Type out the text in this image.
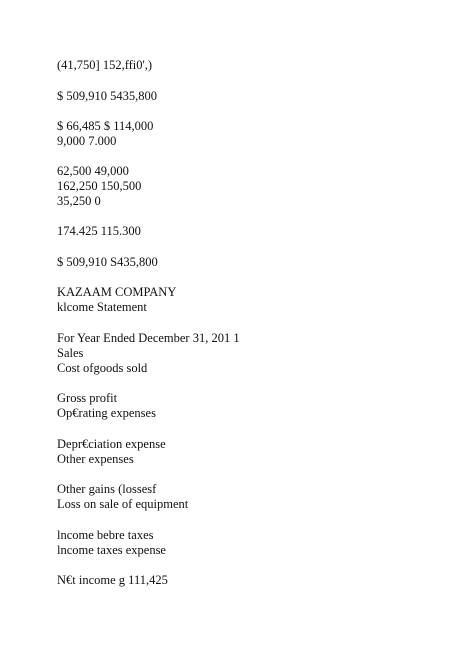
(41,750] 152,ffi0',)

$ 509,910 5435,800

$ 66,485 $ 114,000

9,000 7.000

62,500 49,000

162,250 150,500

35,250 0

174.425 115.300

$ 509,910 S435,800

KAZAAM COMPANY

klcome Statement

For Year Ended December 31, 201 1

Sales

Cost ofgoods sold

Gross profit

Op€rating expenses

Depr€ciation expense

Other expenses

Other gains (lossesf

Loss on sale of equipment

lncome bebre taxes

lncome taxes expense

N€t income g 111,425
